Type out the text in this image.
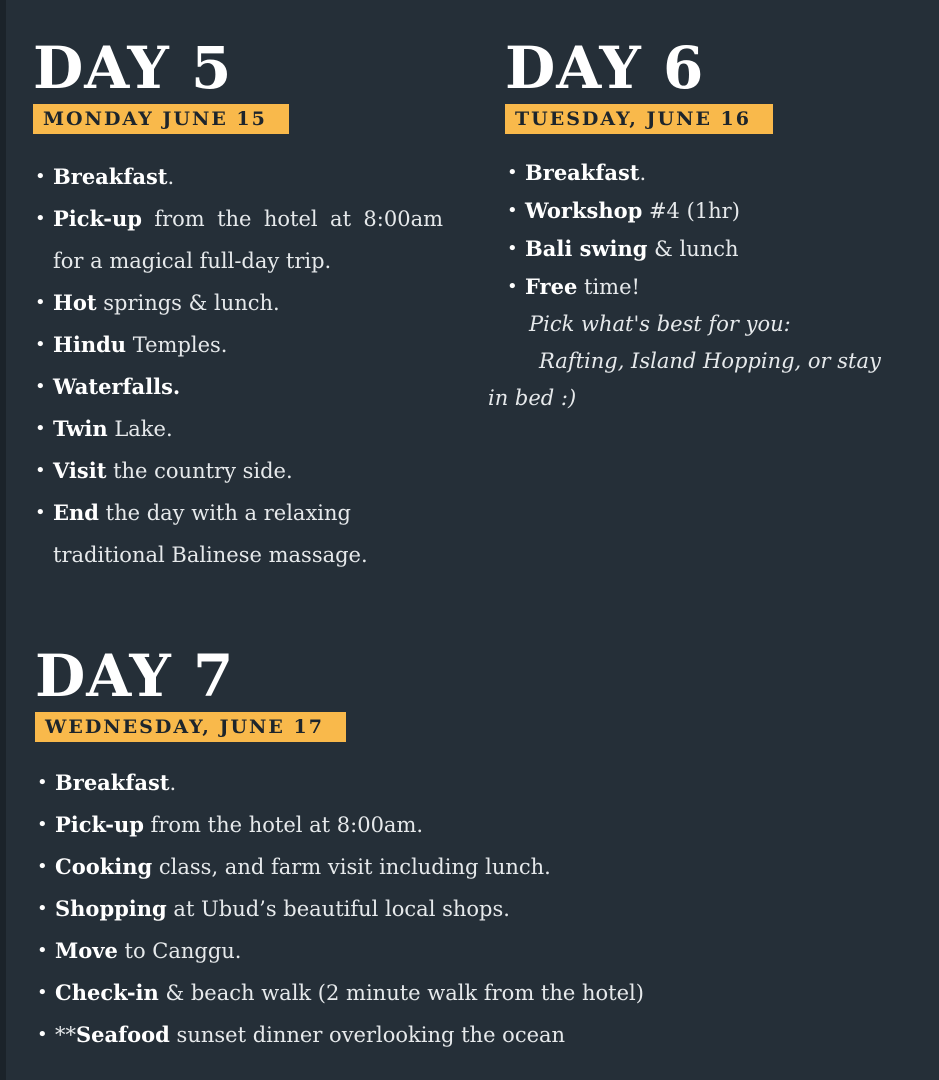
DAY 5
MONDAY JUNE 15
• Breakfast.
• Pick-up from the hotel at 8:00am for a magical full-day trip.
• Hot springs & lunch.
• Hindu Temples.
• Waterfalls.
• Twin Lake.
• Visit the country side.
• End the day with a relaxing traditional Balinese massage.
DAY 6
TUESDAY, JUNE 16
• Breakfast.
• Workshop #4 (1hr)
• Bali swing & lunch
• Free time!
Pick what's best for you:
Rafting, Island Hopping, or stay
in bed :)
DAY 7
WEDNESDAY, JUNE 17
• Breakfast.
• Pick-up from the hotel at 8:00am.
• Cooking class, and farm visit including lunch.
• Shopping at Ubud’s beautiful local shops.
• Move to Canggu.
• Check-in & beach walk (2 minute walk from the hotel)
• **Seafood sunset dinner overlooking the ocean
